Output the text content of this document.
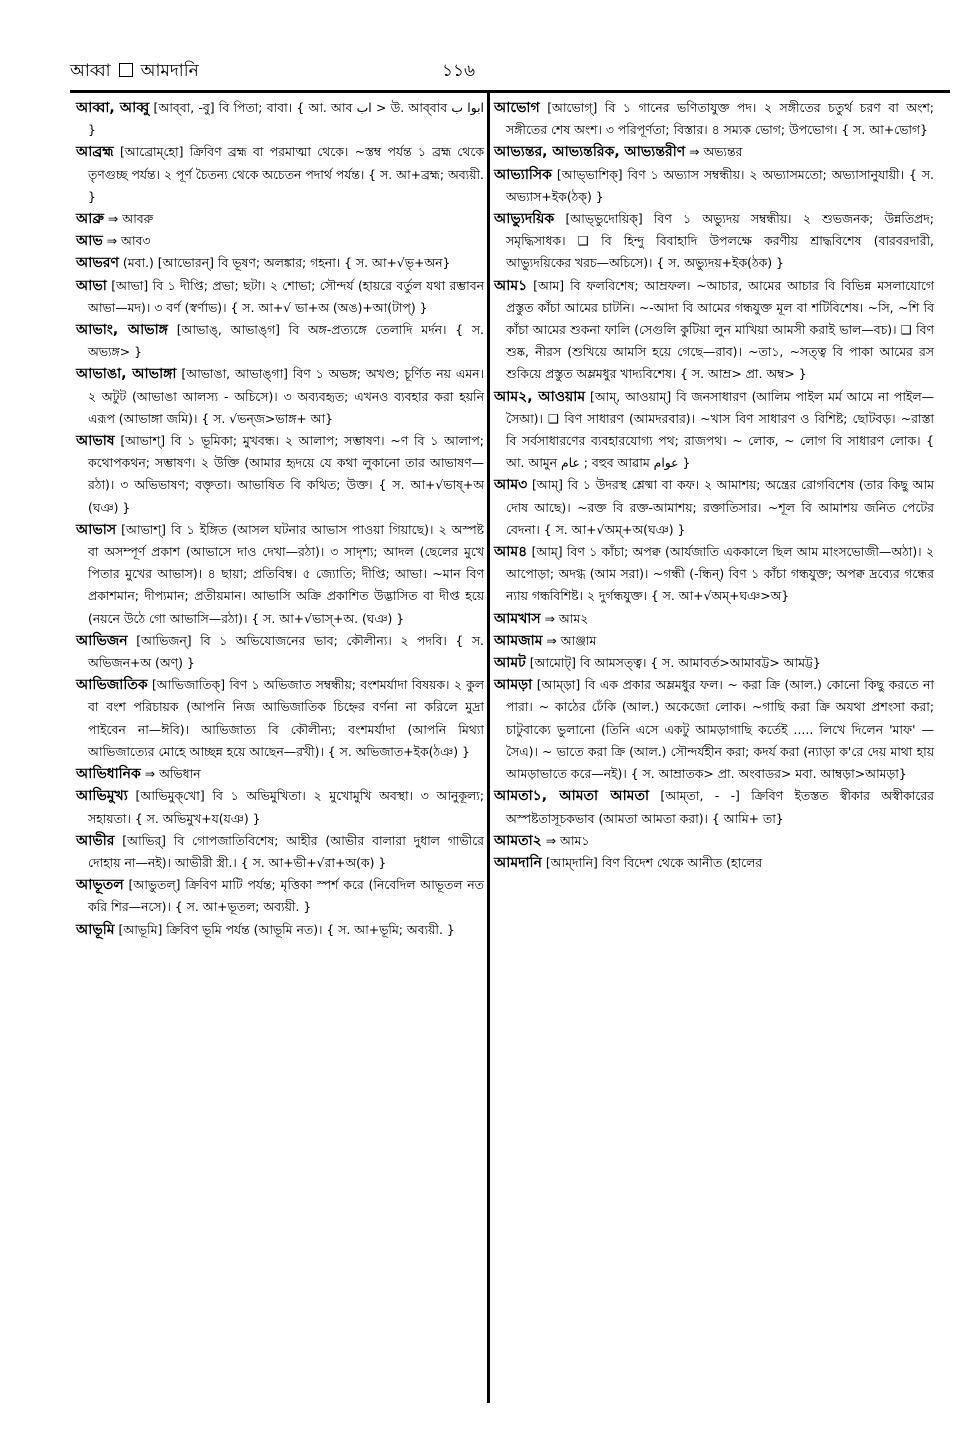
আব্বা আমদানি	১১৬

আব্বা, আব্বু [আব্‌বা, -বু] বি পিতা; বাবা। { আ. আব اب > উ. আব্‌বাব ابوا ب }

আব্রহ্ম [আব্রোম্‌হো] ক্রিবিণ ব্রহ্ম বা পরমাত্মা থেকে। ~স্তম্ব পর্যন্ত ১ ব্রহ্ম থেকে তৃণগুচ্ছ পর্যন্ত। ২ পূর্ণ চৈতন্য থেকে অচেতন পদার্থ পর্যন্ত। { স. আ+ব্রহ্ম; অব্যয়ী. }

আব্রু ⇒ আবরু

আভ ⇒ আব৩

আভরণ (মবা.) [আভোরন্‌] বি ভূষণ; অলঙ্কার; গহনা। { স. আ+√ভৃ+অন}

আভা [আভা] বি ১ দীপ্তি; প্রভা; ছটা। ২ শোভা; সৌন্দর্য (হায়রে বর্তুল যথা রম্ভাবন আভা—মদ)। ৩ বর্ণ (স্বর্ণাভ)। { স. আ+√ ভা+অ (অঙ)+আ(টাপ্‌) }

আভাং, আভাঙ্গ [আভাঙ্, আভাঙ্‌গ] বি অঙ্গ-প্রত্যঙ্গে তেলাদি মর্দন। { স. অভ্যঙ্গ> }

আভাঙা, আভাঙ্গা [আভাঙা, আভাঙ্‌গা] বিণ ১ অভঙ্গ; অখণ্ড; চূর্ণিত নয় এমন। ২ অটুট (আভাঙা আলস্য - অচিসে)। ৩ অব্যবহৃত; এখনও ব্যবহার করা হয়নি এরূপ (আভাঙ্গা জমি)। { স. √ভন্‌জ>ভাঙ্গ+ আ}

আভাষ [আভাশ্‌] বি ১ ভূমিকা; মুখবন্ধ। ২ আলাপ; সম্ভাষণ। ~ণ বি ১ আলাপ; কথোপকথন; সম্ভাষণ। ২ উক্তি (আমার হৃদয়ে যে কথা লুকানো তার আভাষণ—রঠা)। ৩ অভিভাষণ; বক্তৃতা। আভাষিত বি কথিত; উক্ত। { স. আ+√ভাষ্‌+অ (ঘঞ) }

আভাস [আভাশ্‌] বি ১ ইঙ্গিত (আসল ঘটনার আভাস পাওয়া গিয়াছে)। ২ অস্পষ্ট বা অসম্পূর্ণ প্রকাশ (আভাসে দাও দেখা—রঠা)। ৩ সাদৃশ্য; আদল (ছেলের মুখে পিতার মুখের আভাস)। ৪ ছায়া; প্রতিবিম্ব। ৫ জ্যোতি; দীপ্তি; আভা। ~মান বিণ প্রকাশমান; দীপ্যমান; প্রতীয়মান। আভাসি অক্রি প্রকাশিত উদ্ভাসিত বা দীপ্ত হয়ে (নয়নে উঠে গো আভাসি—রঠা)। { স. আ+√ভাস্‌+অ. (ঘঞ) }

আভিজন [আভিজন্‌] বি ১ অভিযোজনের ভাব; কৌলীন্য। ২ পদবি। { স. অভিজন+অ (অণ্‌) }

আভিজাতিক [আভিজাতিক্‌] বিণ ১ অভিজাত সম্বন্ধীয়; বংশমর্যাদা বিষয়ক। ২ কুল বা বংশ পরিচায়ক (আপনি নিজ আভিজাতিক চিহ্নের বর্ণনা না করিলে মুদ্রা পাইবেন না—ঈবি)। আভিজাত্য বি কৌলীন্য; বংশমর্যাদা (আপনি মিথ্যা আভিজাত্যের মোহে আচ্ছন্ন হয়ে আছেন—রখী)। { স. অভিজাত+ইক(ঠঞ) }

আভিধানিক ⇒ অভিধান

আভিমুখ্য [আভিমুক্‌খো] বি ১ অভিমুখিতা। ২ মুখোমুখি অবস্থা। ৩ আনুকূল্য; সহায়তা। { স. অভিমুখ+য(যঞ) }

আভীর [আভির্‌] বি গোপজাতিবিশেষ; আহীর (আভীর বালারা দুধাল গাভীরে দোহায় না—নই)। আভীরী স্ত্রী.। { স. আ+ভী+√রা+অ(ক) }

আভূতল [আভুতল্‌] ক্রিবিণ মাটি পর্যন্ত; মৃত্তিকা স্পর্শ করে (নিবেদিল আভূতল নত করি শির—নসে)। { স. আ+ভূতল; অব্যয়ী. }

আভূমি [আভূমি] ক্রিবিণ ভূমি পর্যন্ত (আভূমি নত)। { স. আ+ভূমি; অব্যয়ী. }

আভোগ [আভোগ্‌] বি ১ গানের ভণিতাযুক্ত পদ। ২ সঙ্গীতের চতুর্থ চরণ বা অংশ; সঙ্গীতের শেষ অংশ। ৩ পরিপূর্ণতা; বিস্তার। ৪ সম্যক ভোগ; উপভোগ। { স. আ+ভোগ}

আভ্যন্তর, আভ্যন্তরিক, আভ্যন্তরীণ ⇒ অভ্যন্তর

আভ্যাসিক [আভ্‌ভাশিক্‌] বিণ ১ অভ্যাস সম্বন্ধীয়। ২ অভ্যাসমতো; অভ্যাসানুযায়ী। { স. অভ্যাস+ইক(ঠক্‌) }

আভ্যুদয়িক [আভ্‌ভুদোয়িক্‌] বিণ ১ অভ্যুদয় সম্বন্ধীয়। ২ শুভজনক; উন্নতিপ্রদ; সমৃদ্ধিসাধক। ❑ বি হিন্দু বিবাহাদি উপলক্ষে করণীয় শ্রাদ্ধবিশেষ (বারবরদারী, আভ্যুদয়িকের খরচ—অচিসে)। { স. অভ্যুদয়+ইক(ঠক) }

আম১ [আম] বি ফলবিশেষ; আম্রফল। ~আচার, আমের আচার বি বিভিন্ন মসলাযোগে প্রস্তুত কাঁচা আমের চাটনি। ~-আদা বি আমের গন্ধযুক্ত মূল বা শটিবিশেষ। ~সি, ~শি বি কাঁচা আমের শুকনা ফালি (সেগুলি কুটিয়া লুন মাখিয়া আমসী করাই ভাল—বচ)। ❑ বিণ শুষ্ক, নীরস (শুখিয়ে আমসি হয়ে গেছে—রাব)। ~তা১, ~সত্ত্ব বি পাকা আমের রস শুকিয়ে প্রস্তুত অম্লমধুর খাদ্যবিশেষ। { স. আম্র> প্রা. অম্ব> }

আম২, আওয়াম [আম্‌, আওয়াম্‌] বি জনসাধারণ (আলিম পাইল মর্ম আমে না পাইল—সৈআ)। ❑ বিণ সাধারণ (আমদরবার)। ~খাস বিণ সাধারণ ও বিশিষ্ট; ছোটবড়। ~রাস্তা বি সর্বসাধারণের ব্যবহারযোগ্য পথ; রাজপথ। ~ লোক, ~ লোগ বি সাধারণ লোক। { আ. আমুন عام ; বহুব আৱাম عوام }

আম৩ [আম্‌] বি ১ উদরস্থ শ্লেষ্মা বা কফ। ২ আমাশয়; অন্ত্রের রোগবিশেষ (তার কিছু আম দোষ আছে)। ~রক্ত বি রক্ত-আমাশয়; রক্তাতিসার। ~শূল বি আমাশয় জনিত পেটের বেদনা। { স. আ+√অম্‌+অ(ঘঞ) }

আম৪ [আম্‌] বিণ ১ কাঁচা; অপক্ব (আর্যজাতি এককালে ছিল আম মাংসভোজী—অঠা)। ২ আপোড়া; অদগ্ধ (আম সরা)। ~গন্ধী (-ন্ধিন্‌) বিণ ১ কাঁচা গন্ধযুক্ত; অপক্ব দ্রব্যের গন্ধের ন্যায় গন্ধবিশিষ্ট। ২ দুর্গন্ধযুক্ত। { স. আ+√অম্‌+ঘঞ>অ}

আমখাস ⇒ আম২

আমজাম ⇒ আঞ্জাম

আমট [আমোট্‌] বি আমসত্ত্ব। { স. আমাবর্ত>আমাবট্ট> আমট্ট}

আমড়া [আম্‌ড়া] বি এক প্রকার অম্লমধুর ফল। ~ করা ক্রি (আল.) কোনো কিছু করতে না পারা। ~ কাঠের ঢেঁকি (আল.) অকেজো লোক। ~গাছি করা ক্রি অযথা প্রশংসা করা; চাটুবাক্যে ভুলানো (তিনি এসে একটু আমড়াগাছি কর্তেই ..... লিখে দিলেন 'মাফ' —সৈএ)। ~ ভাতে করা ক্রি (আল.) সৌন্দর্যহীন করা; কদর্য করা (ন্যাড়া ক'রে দেয় মাথা হায় আমড়াভাতে করে—নই)। { স. আম্রাতক> প্রা. অংবাডর> মবা. আম্বড়া>আমড়া}

আমতা১, আমতা আমতা [আম্‌তা, - -] ক্রিবিণ ইতস্তত স্বীকার অস্বীকারের অস্পষ্টতাসূচকভাব (আমতা আমতা করা)। { আমি+ তা}

আমতা২ ⇒ আম১

আমদানি [আম্‌দানি] বিণ বিদেশ থেকে আনীত (হালের
